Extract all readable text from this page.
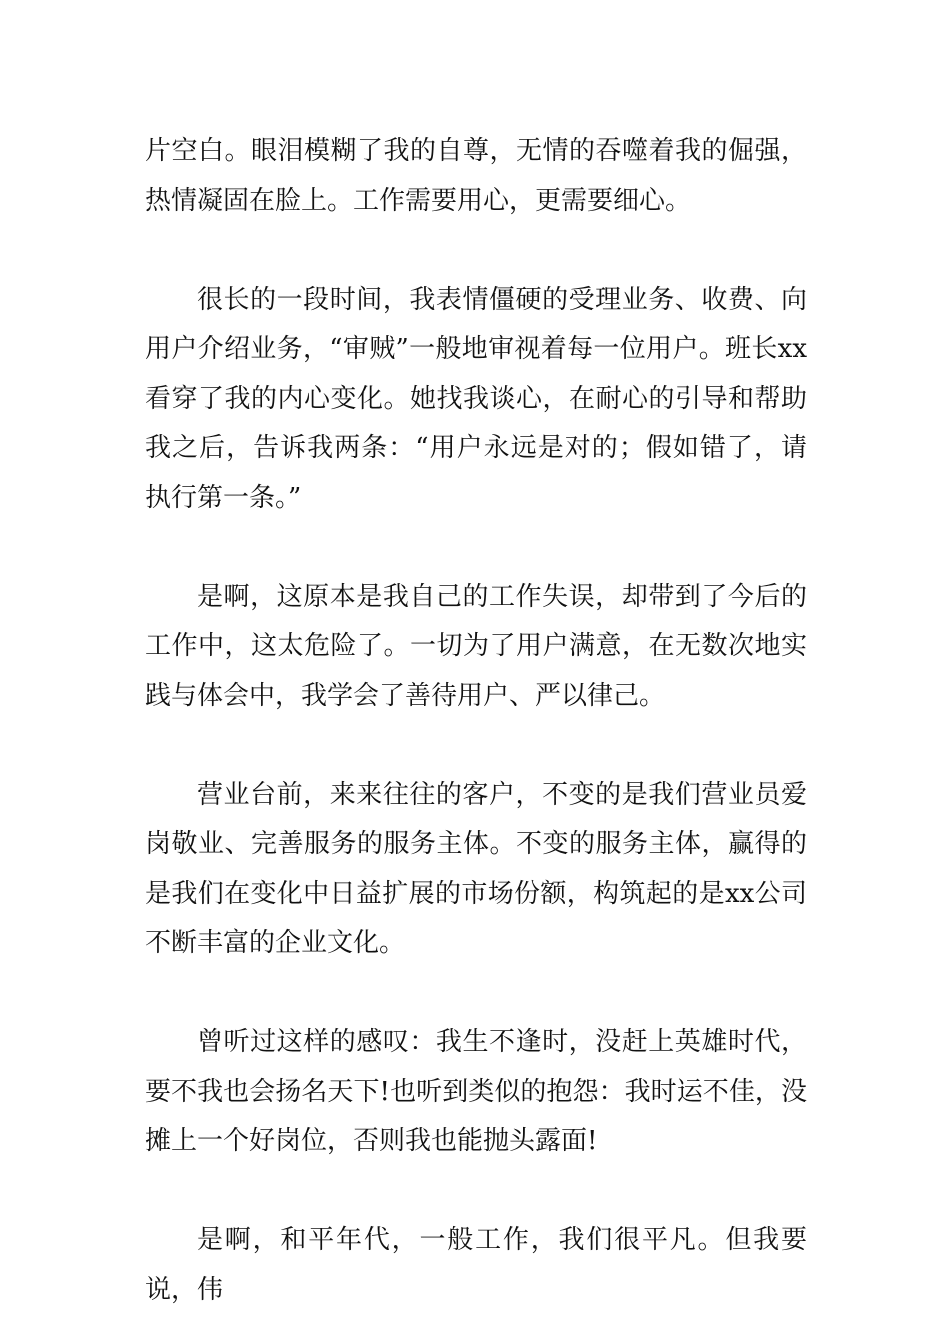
片空白。眼泪模糊了我的自尊，无情的吞噬着我的倔强，热情凝固在脸上。工作需要用心，更需要细心。

很长的一段时间，我表情僵硬的受理业务、收费、向用户介绍业务，“审贼”一般地审视着每一位用户。班长xx看穿了我的内心变化。她找我谈心，在耐心的引导和帮助我之后，告诉我两条：“用户永远是对的；假如错了，请执行第一条。”

是啊，这原本是我自己的工作失误，却带到了今后的工作中，这太危险了。一切为了用户满意，在无数次地实践与体会中，我学会了善待用户、严以律己。

营业台前，来来往往的客户，不变的是我们营业员爱岗敬业、完善服务的服务主体。不变的服务主体，赢得的是我们在变化中日益扩展的市场份额，构筑起的是xx公司不断丰富的企业文化。

曾听过这样的感叹：我生不逢时，没赶上英雄时代，要不我也会扬名天下!也听到类似的抱怨：我时运不佳，没摊上一个好岗位，否则我也能抛头露面!

是啊，和平年代，一般工作，我们很平凡。但我要说，伟
